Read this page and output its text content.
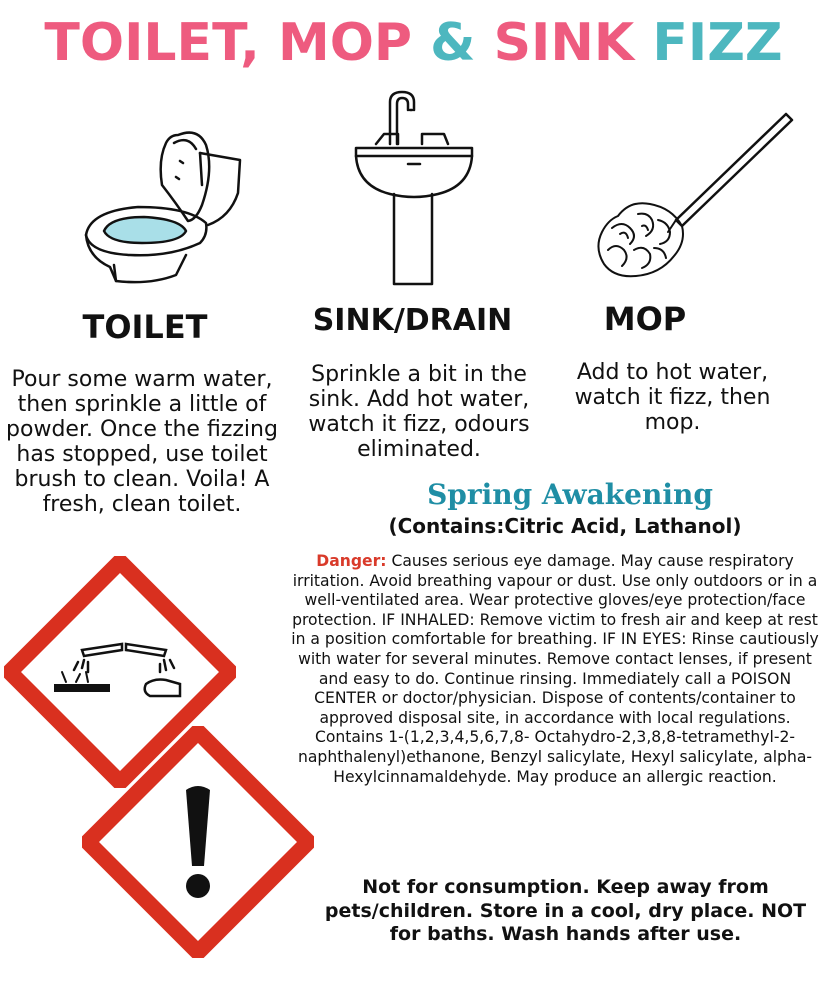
TOILET, MOP & SINK FIZZ
TOILET	SINK/DRAIN	MOP

Pour some warm water, then sprinkle a little of powder. Once the fizzing has stopped, use toilet brush to clean. Voila! A fresh, clean toilet.

Sprinkle a bit in the sink. Add hot water, watch it fizz, odours eliminated.

Add to hot water, watch it fizz, then mop.

Spring Awakening
(Contains:Citric Acid, Lathanol)

Danger: Causes serious eye damage. May cause respiratory irritation. Avoid breathing vapour or dust. Use only outdoors or in a well-ventilated area. Wear protective gloves/eye protection/face protection. IF INHALED: Remove victim to fresh air and keep at rest in a position comfortable for breathing. IF IN EYES: Rinse cautiously with water for several minutes. Remove contact lenses, if present and easy to do. Continue rinsing. Immediately call a POISON CENTER or doctor/physician. Dispose of contents/container to approved disposal site, in accordance with local regulations. Contains 1-(1,2,3,4,5,6,7,8- Octahydro-2,3,8,8-tetramethyl-2-naphthalenyl)ethanone, Benzyl salicylate, Hexyl salicylate, alpha-Hexylcinnamaldehyde. May produce an allergic reaction.

Not for consumption. Keep away from pets/children. Store in a cool, dry place. NOT for baths. Wash hands after use.
